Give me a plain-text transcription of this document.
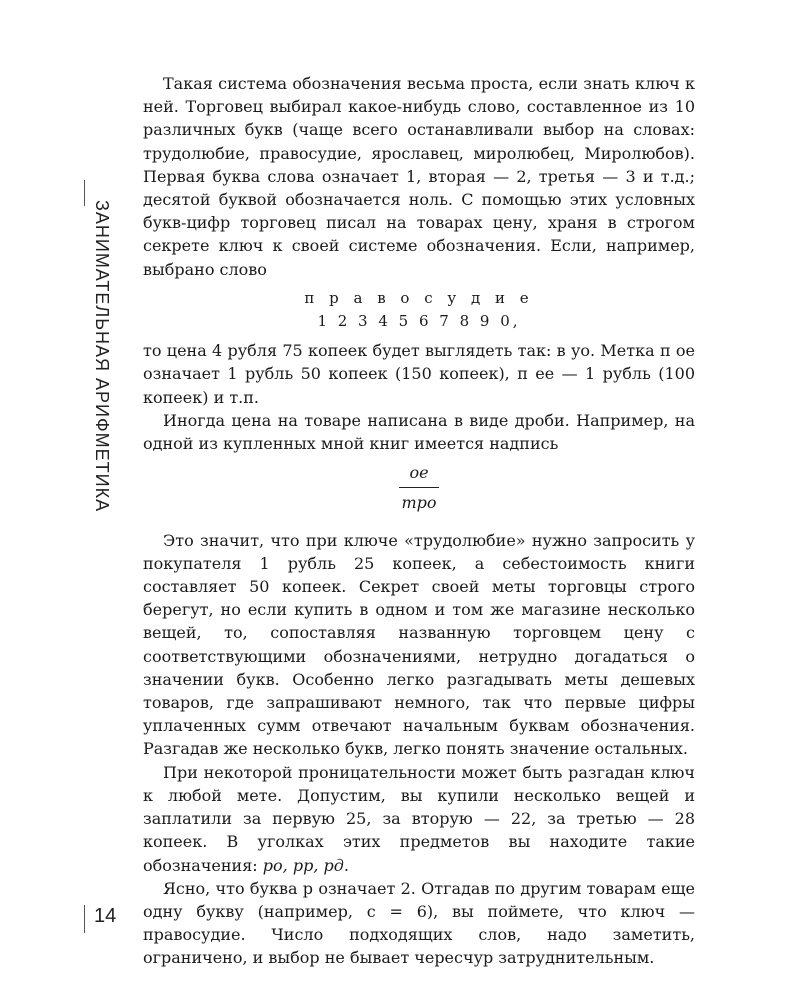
ЗАНИМАТЕЛЬНАЯ АРИФМЕТИКА

Такая система обозначения весьма проста, если знать ключ к ней. Торговец выбирал какое-нибудь слово, составленное из 10 различных букв (чаще всего останавливали выбор на словах: трудолюбие, правосудие, ярославец, миролюбец, Миролюбов). Первая буква слова означает 1, вторая — 2, третья — 3 и т.д.; десятой буквой обозначается ноль. С помощью этих условных букв-цифр торговец писал на товарах цену, храня в строгом секрете ключ к своей системе обозначения. Если, например, выбрано слово

п р а в о с у д и е
1 2 3 4 5 6 7 8 9 0,

то цена 4 рубля 75 копеек будет выглядеть так: в уо. Метка п ое означает 1 рубль 50 копеек (150 копеек), п ее — 1 рубль (100 копеек) и т.п.

Иногда цена на товаре написана в виде дроби. Например, на одной из купленных мной книг имеется надпись

ое
тро

Это значит, что при ключе «трудолюбие» нужно запросить у покупателя 1 рубль 25 копеек, а себестоимость книги составляет 50 копеек. Секрет своей меты торговцы строго берегут, но если купить в одном и том же магазине несколько вещей, то, сопоставляя названную торговцем цену с соответствующими обозначениями, нетрудно догадаться о значении букв. Особенно легко разгадывать меты дешевых товаров, где запрашивают немного, так что первые цифры уплаченных сумм отвечают начальным буквам обозначения. Разгадав же несколько букв, легко понять значение остальных.

При некоторой проницательности может быть разгадан ключ к любой мете. Допустим, вы купили несколько вещей и заплатили за первую 25, за вторую — 22, за третью — 28 копеек. В уголках этих предметов вы находите такие обозначения: ро, рр, рд.

Ясно, что буква р означает 2. Отгадав по другим товарам еще одну букву (например, с = 6), вы поймете, что ключ — правосудие. Число подходящих слов, надо заметить, ограничено, и выбор не бывает чересчур затруднительным.

14
